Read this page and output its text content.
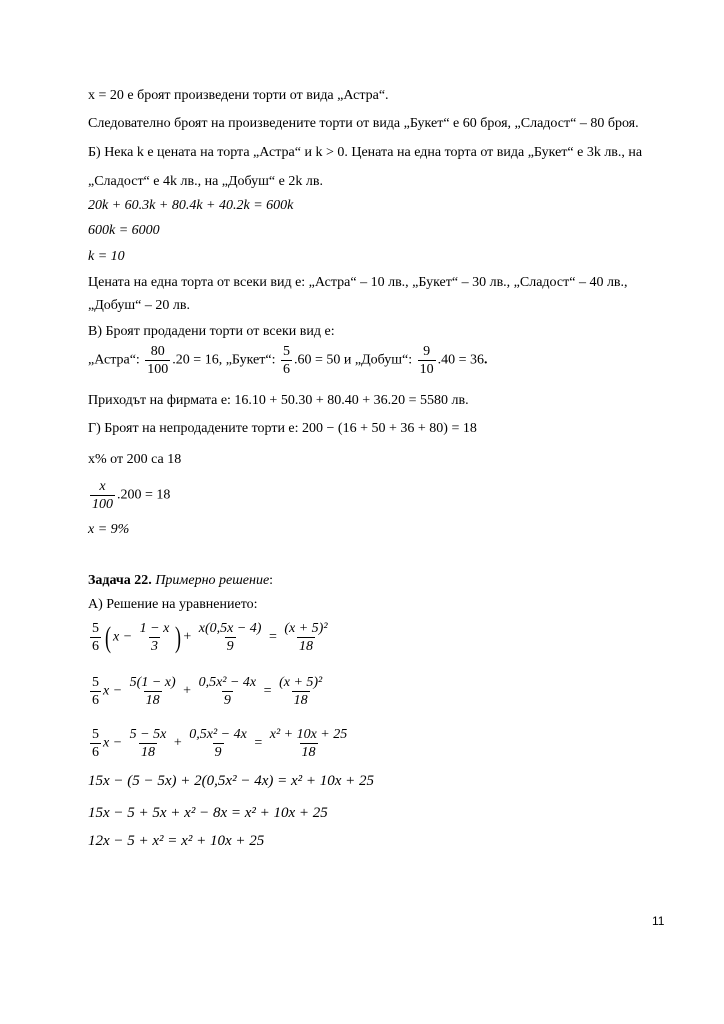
x = 20 е броят произведени торти от вида „Астра“.
Следователно броят на произведените торти от вида „Букет“ е 60 броя, „Сладост“ – 80 броя.
Б) Нека k е цената на торта „Астра“ и k > 0. Цената на една торта от вида „Букет“ е 3k лв., на
„Сладост“ е 4k лв., на „Добуш“ е 2k лв.
20k + 60.3k + 80.4k + 40.2k = 600k
600k = 6000
k = 10
Цената на една торта от всеки вид е: „Астра“ – 10 лв., „Букет“ – 30 лв., „Сладост“ – 40 лв.,
„Добуш“ – 20 лв.
В) Броят продадени торти от всеки вид е:
„Астра“: $\frac{80}{100} .20 = 16$, „Букет“: $\frac{5}{6} .60 = 50$ и „Добуш“: $\frac{9}{10} .40 = 36$.
Приходът на фирмата е: 16.10 + 50.30 + 80.40 + 36.20 = 5580 лв.
Г) Броят на непродадените торти е: 200 − (16 + 50 + 36 + 80) = 18
x% от 200 са 18
$\frac{x}{100} .200 = 18$
x = 9%
Задача 22. Примерно решение:
А) Решение на уравнението:
$\frac{5}{6}$ ( $x - \frac{1 - x}{3}$ ) + $\frac{x(0,5x - 4)}{9} = \frac{\text{(x + 5)²}}{18}$
$\frac{5}{6}$ $x - \frac{5(1 - x)}{18} + \frac{\text{0,5x² − 4x}}{9} = \frac{\text{(x + 5)²}}{18}$
$\frac{5}{6}$ $x - \frac{5 - 5x}{18} + \frac{\text{0,5x² − 4x}}{9} = \frac{\text{x² + 10x + 25}}{18}$
15x − (5 − 5x) + 2(0,5x² − 4x) = x² + 10x + 25
15x − 5 + 5x + x² − 8x = x² + 10x + 25
12x − 5 + x² = x² + 10x + 25
11
